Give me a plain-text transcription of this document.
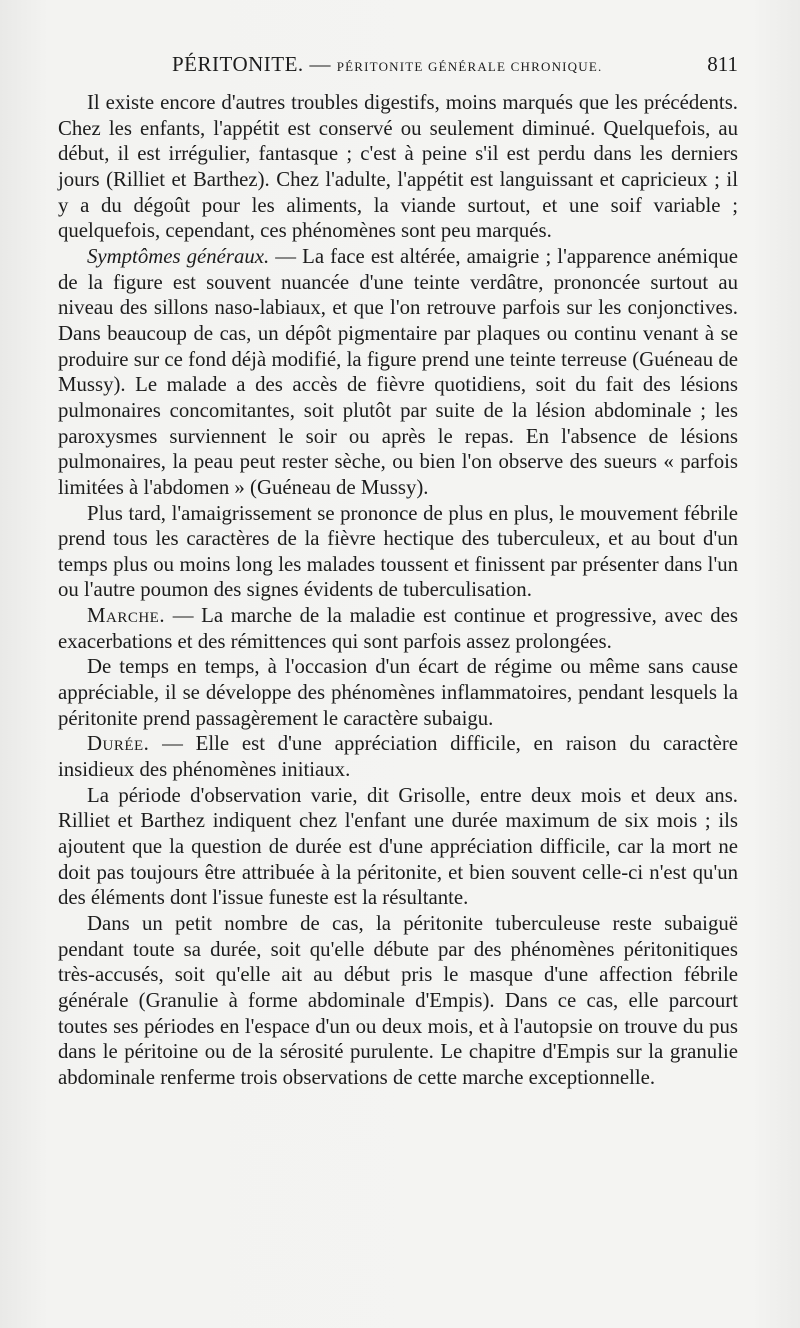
PÉRITONITE. — PÉRITONITE GÉNÉRALE CHRONIQUE.	811

Il existe encore d'autres troubles digestifs, moins marqués que les précédents. Chez les enfants, l'appétit est conservé ou seulement diminué. Quelquefois, au début, il est irrégulier, fantasque ; c'est à peine s'il est perdu dans les derniers jours (Rilliet et Barthez). Chez l'adulte, l'appétit est languissant et capricieux ; il y a du dégoût pour les aliments, la viande surtout, et une soif variable ; quelquefois, cependant, ces phénomènes sont peu marqués.

Symptômes généraux. — La face est altérée, amaigrie ; l'apparence anémique de la figure est souvent nuancée d'une teinte verdâtre, prononcée surtout au niveau des sillons naso-labiaux, et que l'on retrouve parfois sur les conjonctives. Dans beaucoup de cas, un dépôt pigmentaire par plaques ou continu venant à se produire sur ce fond déjà modifié, la figure prend une teinte terreuse (Guéneau de Mussy). Le malade a des accès de fièvre quotidiens, soit du fait des lésions pulmonaires concomitantes, soit plutôt par suite de la lésion abdominale ; les paroxysmes surviennent le soir ou après le repas. En l'absence de lésions pulmonaires, la peau peut rester sèche, ou bien l'on observe des sueurs « parfois limitées à l'abdomen » (Guéneau de Mussy).

Plus tard, l'amaigrissement se prononce de plus en plus, le mouvement fébrile prend tous les caractères de la fièvre hectique des tuberculeux, et au bout d'un temps plus ou moins long les malades toussent et finissent par présenter dans l'un ou l'autre poumon des signes évidents de tuberculisation.

Marche. — La marche de la maladie est continue et progressive, avec des exacerbations et des rémittences qui sont parfois assez prolongées.

De temps en temps, à l'occasion d'un écart de régime ou même sans cause appréciable, il se développe des phénomènes inflammatoires, pendant lesquels la péritonite prend passagèrement le caractère subaigu.

Durée. — Elle est d'une appréciation difficile, en raison du caractère insidieux des phénomènes initiaux.

La période d'observation varie, dit Grisolle, entre deux mois et deux ans. Rilliet et Barthez indiquent chez l'enfant une durée maximum de six mois ; ils ajoutent que la question de durée est d'une appréciation difficile, car la mort ne doit pas toujours être attribuée à la péritonite, et bien souvent celle-ci n'est qu'un des éléments dont l'issue funeste est la résultante.

Dans un petit nombre de cas, la péritonite tuberculeuse reste subaiguë pendant toute sa durée, soit qu'elle débute par des phénomènes péritonitiques très-accusés, soit qu'elle ait au début pris le masque d'une affection fébrile générale (Granulie à forme abdominale d'Empis). Dans ce cas, elle parcourt toutes ses périodes en l'espace d'un ou deux mois, et à l'autopsie on trouve du pus dans le péritoine ou de la sérosité purulente. Le chapitre d'Empis sur la granulie abdominale renferme trois observations de cette marche exceptionnelle.
